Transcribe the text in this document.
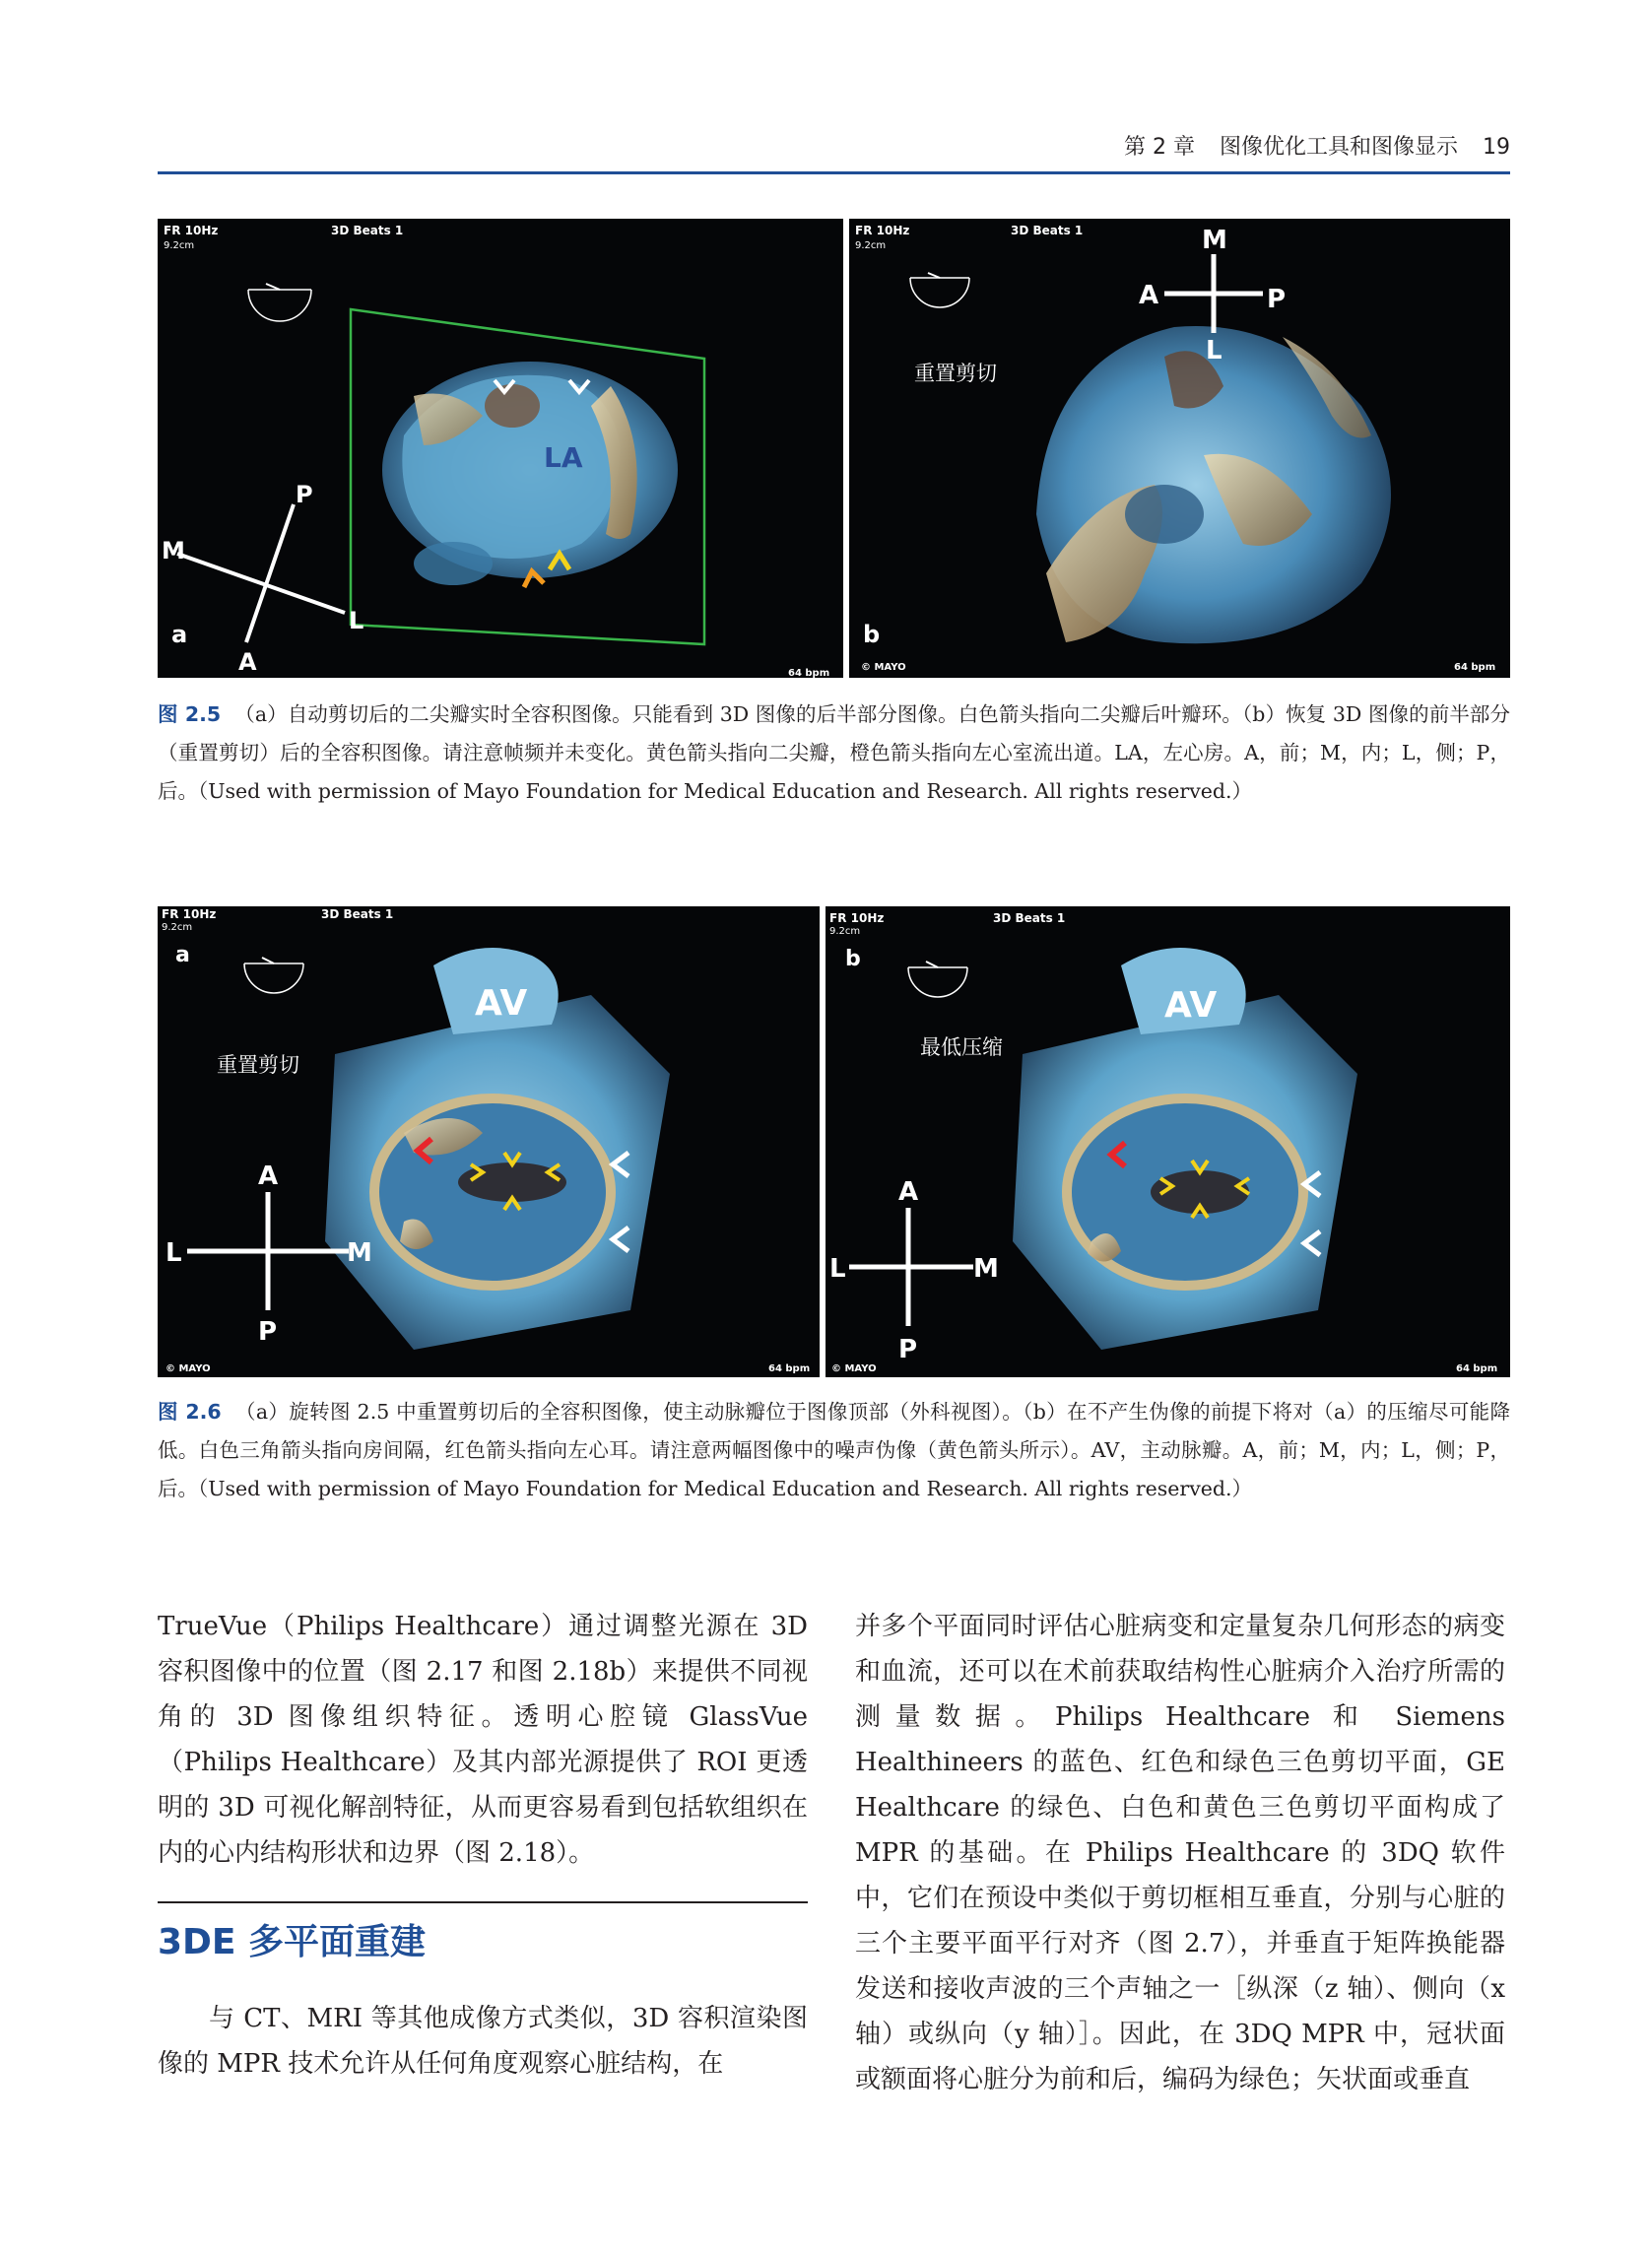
第 2 章 图像优化工具和图像显示 19
FR 10Hz
9.2cm
3D Beats 1
LA
P
A
M
L
a
64 bpm
FR 10Hz
9.2cm
3D Beats 1
重置剪切
M
L
A	P
b
© MAYO	64 bpm
图 2.5 （a）自动剪切后的二尖瓣实时全容积图像。只能看到 3D 图像的后半部分图像。白色箭头指向二尖瓣后叶瓣环。（b）恢复 3D 图像的前半部分（重置剪切）后的全容积图像。请注意帧频并未变化。黄色箭头指向二尖瓣，橙色箭头指向左心室流出道。LA，左心房。A，前；M，内；L，侧；P，后。（Used with permission of Mayo Foundation for Medical Education and Research. All rights reserved.）
FR 10Hz
9.2cm
3D Beats 1
a
重置剪切
AV
A
P
L	M
© MAYO	64 bpm
FR 10Hz
9.2cm
3D Beats 1
b
最低压缩
AV
A
P
L	M
© MAYO	64 bpm
图 2.6 （a）旋转图 2.5 中重置剪切后的全容积图像，使主动脉瓣位于图像顶部（外科视图）。（b）在不产生伪像的前提下将对（a）的压缩尽可能降低。白色三角箭头指向房间隔，红色箭头指向左心耳。请注意两幅图像中的噪声伪像（黄色箭头所示）。AV，主动脉瓣。A，前；M，内；L，侧；P，后。（Used with permission of Mayo Foundation for Medical Education and Research. All rights reserved.）

TrueVue（Philips Healthcare）通过调整光源在 3D 容积图像中的位置（图 2.17 和图 2.18b）来提供不同视角的 3D 图像组织特征。透明心腔镜 GlassVue（Philips Healthcare）及其内部光源提供了 ROI 更透明的 3D 可视化解剖特征，从而更容易看到包括软组织在内的心内结构形状和边界（图 2.18）。

3DE 多平面重建

与 CT、MRI 等其他成像方式类似，3D 容积渲染图像的 MPR 技术允许从任何角度观察心脏结构，在

并多个平面同时评估心脏病变和定量复杂几何形态的病变和血流，还可以在术前获取结构性心脏病介入治疗所需的测量数据。Philips Healthcare 和 Siemens Healthineers 的蓝色、红色和绿色三色剪切平面，GE Healthcare 的绿色、白色和黄色三色剪切平面构成了 MPR 的基础。在 Philips Healthcare 的 3DQ 软件中，它们在预设中类似于剪切框相互垂直，分别与心脏的三个主要平面平行对齐（图 2.7），并垂直于矩阵换能器发送和接收声波的三个声轴之一［纵深（z 轴）、侧向（x 轴）或纵向（y 轴）］。因此，在 3DQ MPR 中，冠状面或额面将心脏分为前和后，编码为绿色；矢状面或垂直
